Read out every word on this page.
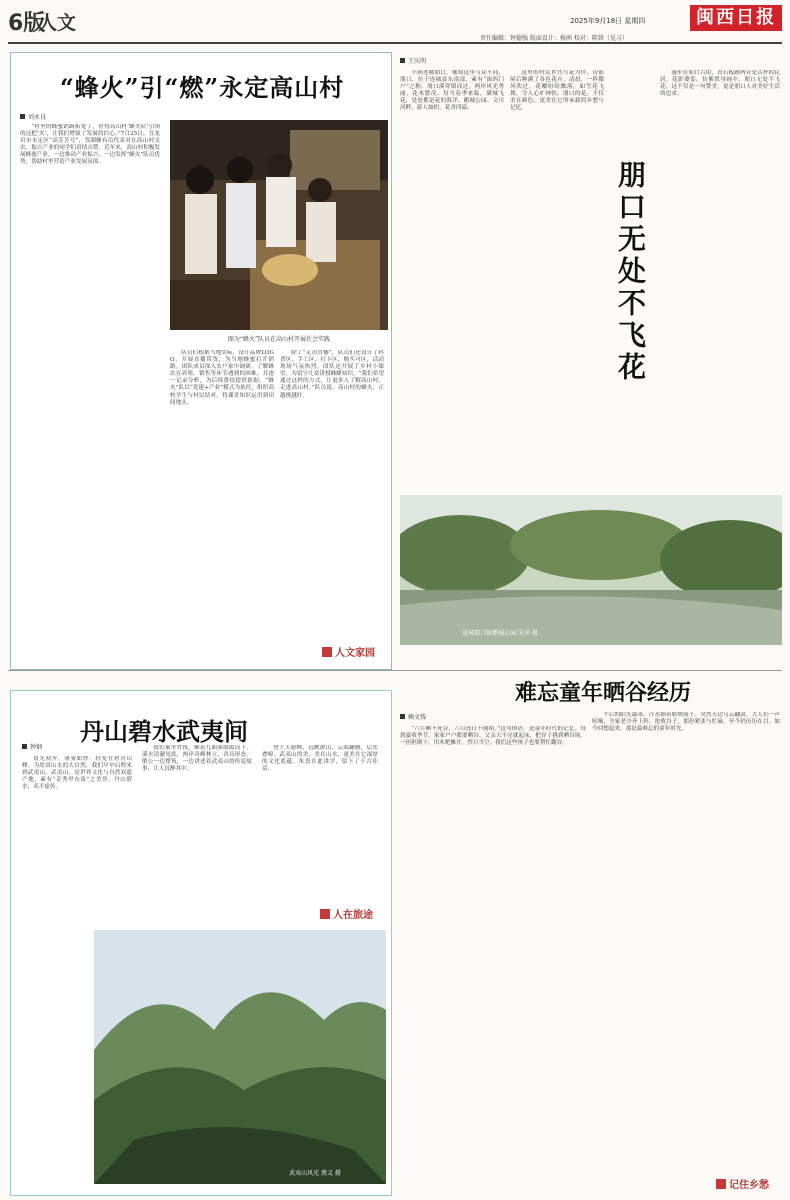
6版
人文	2025年9月18日 星期四	闽西日报
责任编辑：钟德强 版面设计：杨洲 校对：陈锋（见习）
“蜂火”引“燃”永定高山村
刘永良
图为“蜂火”队员在高山村开展社会实践

“村里的蜂蜜销路拓宽了，傍得高山村‘蜂火队’引领的这把‘火’，让我们增强了发展的信心。”7月25日，在龙岩市永定区“高芳芳号”，邻湖蜂有员代表对在高山村支农、振兴产业的同学们真情点赞。近年来，高山村积极发展蜂蜜产业，一边推动产业振兴，一边发挥“蜂火”队员优势，帮助村里营造产业发展氛围。

队员们根据当地实际，设计品牌LOGO，开展直播带货，为当地蜂蜜打开销路。团队成员深入农户家中调研，了解蜂农在养殖、销售等环节遇到的困难，并逐一记录分析，为后续帮扶提供依据。“蜂火”队以“党建+产业”模式为依托，组织高校学生与村民结对，将课堂知识运用到田间地头。

除了“走访直播”，队员们还设计了科普区、手工区、打卡区、购买可区，活动现场气氛热烈。团队还开展了乡村小课堂，为留守儿童讲授蜂蜂知识。“我们希望通过这样的方式，让更多人了解高山村、走进高山村。”队员说。高山村的蜂火，正越烧越旺。

人文家园
王庆明
朋口无处不飞花

不到连城朋口，哪知这里与众不同。朋口，位于连城县东南部，素有“闽西门户”之称。朋口溪穿镇而过，两岸风光秀丽，花木繁茂。每当春季来临，满城飞花，处处都是花的海洋。鹅城公园、文川河畔，游人如织，花香四溢。

这里的村民世代与花为伴，房前屋后种满了各色花卉。清晨，一阵微风吹过，花瓣纷纷飘落，如雪花飞舞，令人心旷神怡。朋口的花，不仅美在颜色，更美在它所承载的乡愁与记忆。

漫步在朋口古街，青石板路两旁是古朴的民居，花影婆娑，仿佛置身画中。朋口无处不飞花，这不仅是一句赞美，更是朋口人对美好生活的追求。

连城朋口镇鹅城公园 宋承 摄
丹山碧水武夷间
钟钢

晨光初霁，薄雾如纱，轻笼在碧青山峰。为欣赏山水的大自然，我们早早启程来到武夷山。武夷山，是世界文化与自然双遗产地，素有“奇秀甲东南”之美誉。丹山碧水，名不虚传。

我们乘坐竹筏，顺着九曲溪缓缓而下。溪水清澈见底，两岸奇峰林立，各具形态。艄公一边撑筏，一边讲述着武夷山的传说故事，让人沉醉其中。

登上天游峰，远眺群山，云海翻腾，层峦叠嶂。武夷山的美，美在山水，更美在它深厚的文化底蕴。朱熹在此讲学，留下了千古佳话。

人在旅途
武夷山风光 蔡义 摄
难忘童年晒谷经历
赖文钱

“六月晒不死谷，六月连日不倒稻。”这句俗语，是童年时代的记忆。每到夏收季节，家家户户都要晒谷。父亲天不亮就起床，把谷子挑到晒谷场，一担担倒下，用木耙摊开。烈日当空，我们这些孩子也要帮忙翻谷。

午后的阳光最毒，汗水顺着脸颊流下。突然天边乌云翻滚，大人们一声吆喝，全家老少齐上阵，抢收谷子。那份紧张与忙碌，至今仍历历在目。如今回想起来，那是最难忘的童年时光。

记住乡愁
